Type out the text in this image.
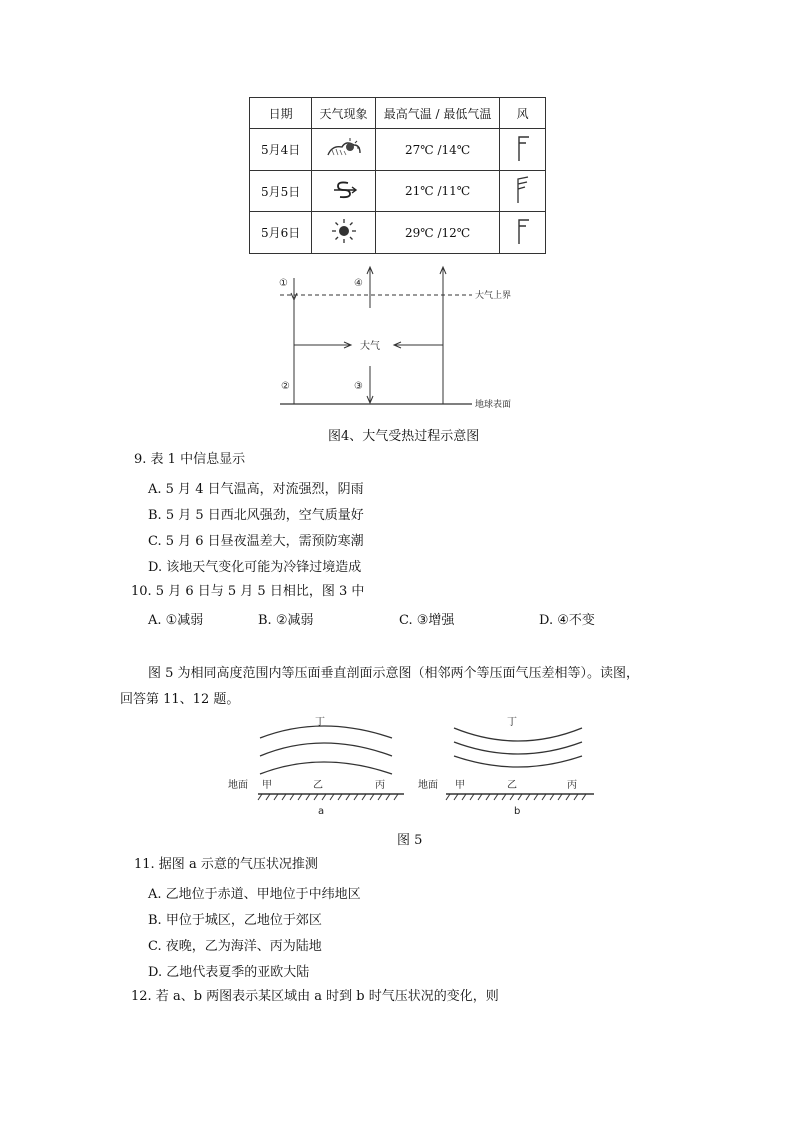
日期	天气现象	最高气温 / 最低气温	风
5月4日		27℃ /14℃	
5月5日		21℃ /11℃	
5月6日		29℃ /12℃	
①	④
②	③
大气
大气上界
地球表面
图4、大气受热过程示意图
9. 表 1 中信息显示
A. 5 月 4 日气温高，对流强烈，阴雨
B. 5 月 5 日西北风强劲，空气质量好
C. 5 月 6 日昼夜温差大，需预防寒潮
D. 该地天气变化可能为冷锋过境造成
10. 5 月 6 日与 5 月 5 日相比，图 3 中
A. ①减弱	B. ②减弱	C. ③增强	D. ④不变
图 5 为相同高度范围内等压面垂直剖面示意图（相邻两个等压面气压差相等）。读图，
回答第 11、12 题。
丁
地面 甲	乙	丙
a
丁
地面 甲	乙	丙
b
图 5
11. 据图 a 示意的气压状况推测
A. 乙地位于赤道、甲地位于中纬地区
B. 甲位于城区，乙地位于郊区
C. 夜晚，乙为海洋、丙为陆地
D. 乙地代表夏季的亚欧大陆
12. 若 a、b 两图表示某区域由 a 时到 b 时气压状况的变化，则
